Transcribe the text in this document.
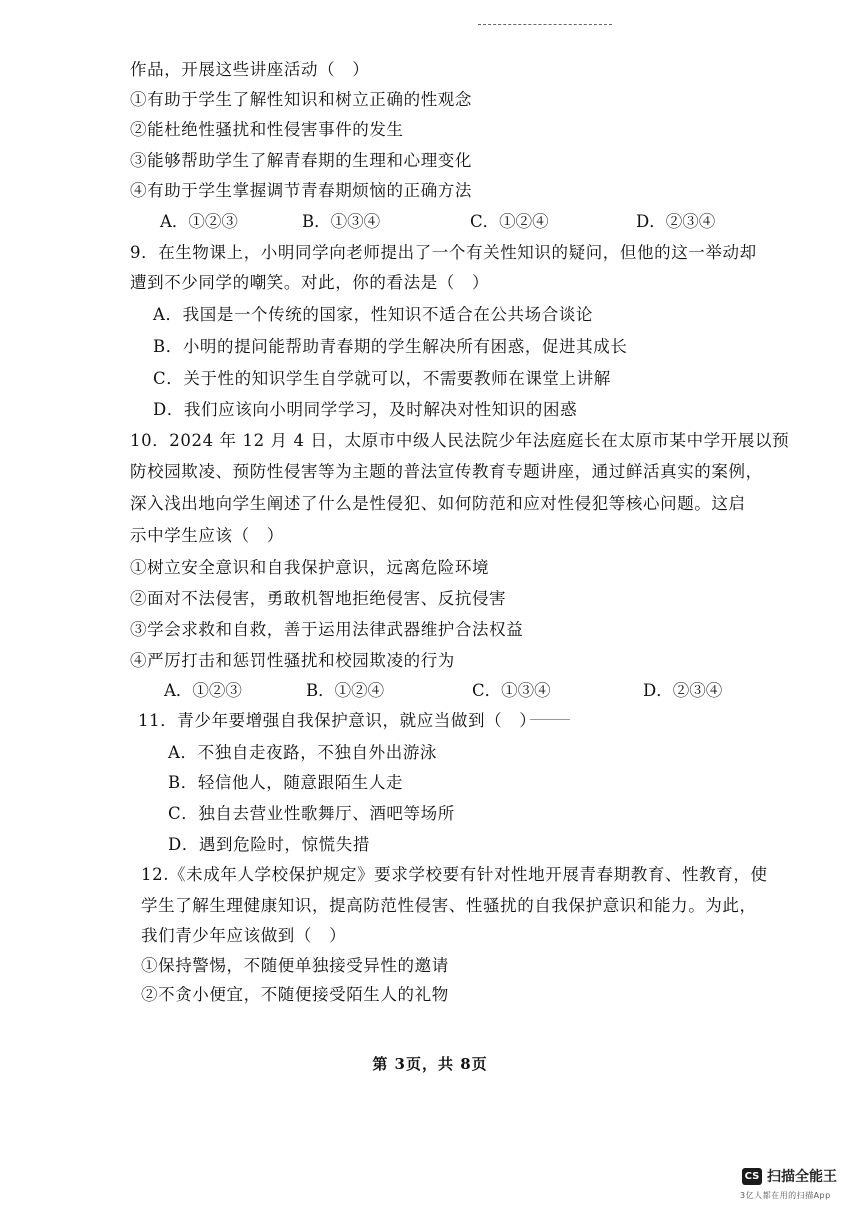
作品，开展这些讲座活动（　）
①有助于学生了解性知识和树立正确的性观念
②能杜绝性骚扰和性侵害事件的发生
③能够帮助学生了解青春期的生理和心理变化
④有助于学生掌握调节青春期烦恼的正确方法
A．①②③	B．①③④	C．①②④	D．②③④
9．在生物课上，小明同学向老师提出了一个有关性知识的疑问，但他的这一举动却
遭到不少同学的嘲笑。对此，你的看法是（　）
A．我国是一个传统的国家，性知识不适合在公共场合谈论
B．小明的提问能帮助青春期的学生解决所有困惑，促进其成长
C．关于性的知识学生自学就可以，不需要教师在课堂上讲解
D．我们应该向小明同学学习，及时解决对性知识的困惑
10．2024 年 12 月 4 日，太原市中级人民法院少年法庭庭长在太原市某中学开展以预
防校园欺凌、预防性侵害等为主题的普法宣传教育专题讲座，通过鲜活真实的案例，
深入浅出地向学生阐述了什么是性侵犯、如何防范和应对性侵犯等核心问题。这启
示中学生应该（　）
①树立安全意识和自我保护意识，远离危险环境
②面对不法侵害，勇敢机智地拒绝侵害、反抗侵害
③学会求救和自救，善于运用法律武器维护合法权益
④严厉打击和惩罚性骚扰和校园欺凌的行为
A．①②③	B．①②④	C．①③④	D．②③④
11．青少年要增强自我保护意识，就应当做到（　）
A．不独自走夜路，不独自外出游泳
B．轻信他人，随意跟陌生人走
C．独自去营业性歌舞厅、酒吧等场所
D．遇到危险时，惊慌失措
12.《未成年人学校保护规定》要求学校要有针对性地开展青春期教育、性教育，使
学生了解生理健康知识，提高防范性侵害、性骚扰的自我保护意识和能力。为此，
我们青少年应该做到（　）
①保持警惕，不随便单独接受异性的邀请
②不贪小便宜，不随便接受陌生人的礼物
第 3页，共 8页
CS 扫描全能王
3亿人都在用的扫描App
